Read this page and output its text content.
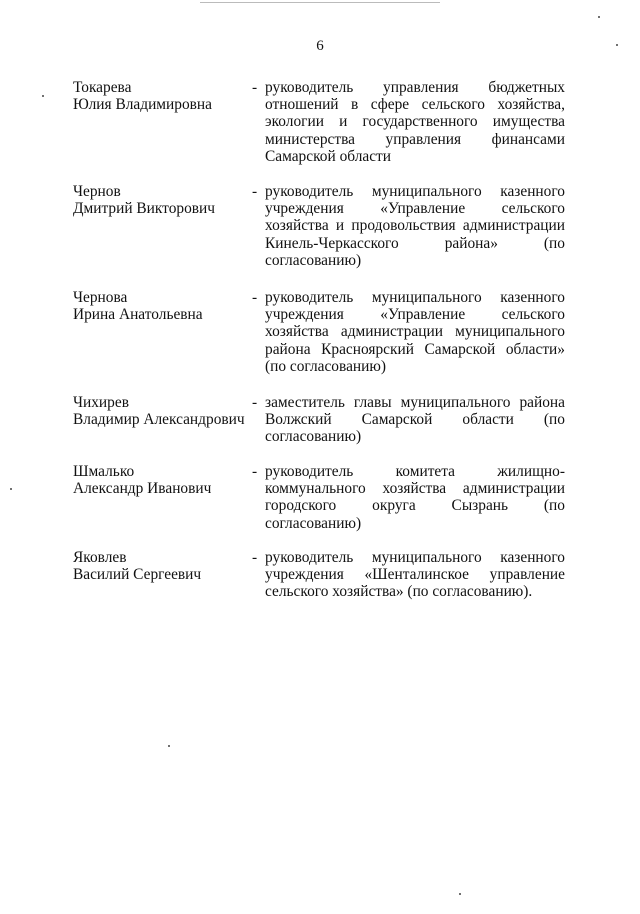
6
Токарева
Юлия Владимировна
- руководитель управления бюджетных
отношений в сфере сельского хозяйства,
экологии и государственного имущества
министерства управления финансами
Самарской области
Чернов
Дмитрий Викторович
- руководитель муниципального казенного
учреждения «Управление сельского
хозяйства и продовольствия администрации
Кинель-Черкасского района» (по
согласованию)
Чернова
Ирина Анатольевна
- руководитель муниципального казенного
учреждения «Управление сельского
хозяйства администрации муниципального
района Красноярский Самарской области»
(по согласованию)
Чихирев
Владимир Александрович
- заместитель главы муниципального района
Волжский Самарской области (по
согласованию)
Шмалько
Александр Иванович
- руководитель комитета жилищно-
коммунального хозяйства администрации
городского округа Сызрань (по
согласованию)
Яковлев
Василий Сергеевич
- руководитель муниципального казенного
учреждения «Шенталинское управление
сельского хозяйства» (по согласованию).
